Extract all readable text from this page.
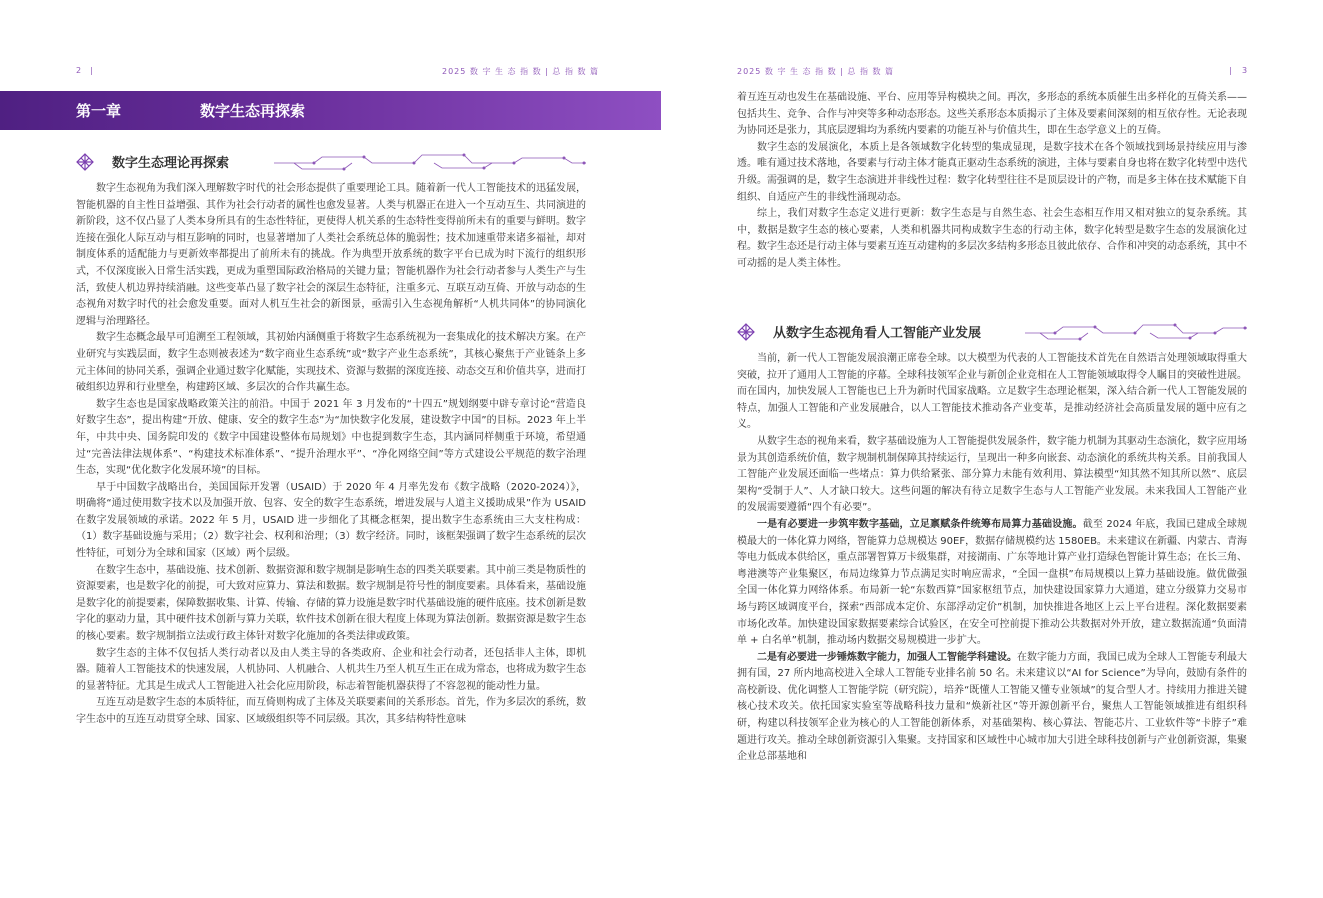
2 |	2025 数 字 生 态 指 数 | 总 指 数 篇
第一章	数字生态再探索
数字生态理论再探索

数字生态视角为我们深入理解数字时代的社会形态提供了重要理论工具。随着新一代人工智能技术的迅猛发展，智能机器的自主性日益增强、其作为社会行动者的属性也愈发显著。人类与机器正在进入一个互动互生、共同演进的新阶段，这不仅凸显了人类本身所具有的生态性特征，更使得人机关系的生态特性变得前所未有的重要与鲜明。数字连接在强化人际互动与相互影响的同时，也显著增加了人类社会系统总体的脆弱性；技术加速重带来诸多福祉，却对制度体系的适配能力与更新效率都提出了前所未有的挑战。作为典型开放系统的数字平台已成为时下流行的组织形式，不仅深度嵌入日常生活实践，更成为重塑国际政治格局的关键力量；智能机器作为社会行动者参与人类生产与生活，致使人机边界持续消融。这些变革凸显了数字社会的深层生态特征，注重多元、互联互动互倚、开放与动态的生态视角对数字时代的社会愈发重要。面对人机互生社会的新图景，亟需引入生态视角解析“人机共同体”的协同演化逻辑与治理路径。

数字生态概念最早可追溯至工程领域，其初始内涵侧重于将数字生态系统视为一套集成化的技术解决方案。在产业研究与实践层面，数字生态则被表述为“数字商业生态系统”或“数字产业生态系统”，其核心聚焦于产业链条上多元主体间的协同关系，强调企业通过数字化赋能，实现技术、资源与数据的深度连接、动态交互和价值共享，进而打破组织边界和行业壁垒，构建跨区域、多层次的合作共赢生态。

数字生态也是国家战略政策关注的前沿。中国于 2021 年 3 月发布的“十四五”规划纲要中辟专章讨论“营造良好数字生态”，提出构建“开放、健康、安全的数字生态”为“加快数字化发展，建设数字中国”的目标。2023 年上半年，中共中央、国务院印发的《数字中国建设整体布局规划》中也提到数字生态，其内涵同样侧重于环境，希望通过“完善法律法规体系”、“构建技术标准体系”、“提升治理水平”、“净化网络空间”等方式建设公平规范的数字治理生态，实现“优化数字化发展环境”的目标。

早于中国数字战略出台，美国国际开发署（USAID）于 2020 年 4 月率先发布《数字战略（2020-2024）》，明确将“通过使用数字技术以及加强开放、包容、安全的数字生态系统，增进发展与人道主义援助成果”作为 USAID 在数字发展领域的承诺。2022 年 5 月，USAID 进一步细化了其概念框架，提出数字生态系统由三大支柱构成：（1）数字基础设施与采用；（2）数字社会、权利和治理；（3）数字经济。同时，该框架强调了数字生态系统的层次性特征，可划分为全球和国家（区域）两个层级。

在数字生态中，基础设施、技术创新、数据资源和数字规制是影响生态的四类关联要素。其中前三类是物质性的资源要素，也是数字化的前提，可大致对应算力、算法和数据。数字规制是符号性的制度要素。具体看来，基础设施是数字化的前提要素，保障数据收集、计算、传输、存储的算力设施是数字时代基础设施的硬件底座。技术创新是数字化的驱动力量，其中硬件技术创新与算力关联，软件技术创新在很大程度上体现为算法创新。数据资源是数字生态的核心要素。数字规制指立法或行政主体针对数字化施加的各类法律或政策。

数字生态的主体不仅包括人类行动者以及由人类主导的各类政府、企业和社会行动者，还包括非人主体，即机器。随着人工智能技术的快速发展，人机协同、人机融合、人机共生乃至人机互生正在成为常态，也将成为数字生态的显著特征。尤其是生成式人工智能进入社会化应用阶段，标志着智能机器获得了不容忽视的能动性力量。

互连互动是数字生态的本质特征，而互倚则构成了主体及关联要素间的关系形态。首先，作为多层次的系统，数字生态中的互连互动贯穿全球、国家、区域级组织等不同层级。其次，其多结构特性意味

2025 数 字 生 态 指 数 | 总 指 数 篇	| 3

着互连互动也发生在基础设施、平台、应用等异构模块之间。再次，多形态的系统本质催生出多样化的互倚关系——包括共生、竞争、合作与冲突等多种动态形态。这些关系形态本质揭示了主体及要素间深刻的相互依存性。无论表现为协同还是张力，其底层逻辑均为系统内要素的功能互补与价值共生，即在生态学意义上的互倚。

数字生态的发展演化，本质上是各领域数字化转型的集成显现，是数字技术在各个领域找到场景持续应用与渗透。唯有通过技术落地，各要素与行动主体才能真正驱动生态系统的演进，主体与要素自身也将在数字化转型中迭代升级。需强调的是，数字生态演进并非线性过程：数字化转型往往不是顶层设计的产物，而是多主体在技术赋能下自组织、自适应产生的非线性涌现动态。

综上，我们对数字生态定义进行更新：数字生态是与自然生态、社会生态相互作用又相对独立的复杂系统。其中，数据是数字生态的核心要素，人类和机器共同构成数字生态的行动主体，数字化转型是数字生态的发展演化过程。数字生态还是行动主体与要素互连互动建构的多层次多结构多形态且彼此依存、合作和冲突的动态系统，其中不可动摇的是人类主体性。

从数字生态视角看人工智能产业发展

当前，新一代人工智能发展浪潮正席卷全球。以大模型为代表的人工智能技术首先在自然语言处理领域取得重大突破，拉开了通用人工智能的序幕。全球科技领军企业与新创企业竞相在人工智能领域取得令人瞩目的突破性进展。而在国内，加快发展人工智能也已上升为新时代国家战略。立足数字生态理论框架，深入结合新一代人工智能发展的特点，加强人工智能和产业发展融合，以人工智能技术推动各产业变革，是推动经济社会高质量发展的题中应有之义。

从数字生态的视角来看，数字基础设施为人工智能提供发展条件，数字能力机制为其驱动生态演化，数字应用场景为其创造系统价值，数字规制机制保障其持续运行，呈现出一种多向嵌套、动态演化的系统共构关系。目前我国人工智能产业发展还面临一些堵点：算力供给紧张、部分算力未能有效利用、算法模型“知其然不知其所以然”、底层架构“受制于人”、人才缺口较大。这些问题的解决有待立足数字生态与人工智能产业发展。未来我国人工智能产业的发展需要遵循“四个有必要”。

一是有必要进一步筑牢数字基础，立足禀赋条件统筹布局算力基础设施。截至 2024 年底，我国已建成全球规模最大的一体化算力网络，智能算力总规模达 90EF，数据存储规模约达 1580EB。未来建议在新疆、内蒙古、青海等电力低成本供给区，重点部署智算万卡级集群，对接湖南、广东等地计算产业打造绿色智能计算生态；在长三角、粤港澳等产业集聚区，布局边缘算力节点满足实时响应需求，“全国一盘棋”布局规模以上算力基础设施。做优做强全国一体化算力网络体系。布局新一轮“东数西算”国家枢纽节点，加快建设国家算力大通道，建立分级算力交易市场与跨区域调度平台，探索“西部成本定价、东部浮动定价”机制，加快推进各地区上云上平台进程。深化数据要素市场化改革。加快建设国家数据要素综合试验区，在安全可控前提下推动公共数据对外开放，建立数据流通“负面清单 + 白名单”机制，推动场内数据交易规模进一步扩大。

二是有必要进一步锤炼数字能力，加强人工智能学科建设。在数字能力方面，我国已成为全球人工智能专利最大拥有国，27 所内地高校进入全球人工智能专业排名前 50 名。未来建议以“AI for Science”为导向，鼓励有条件的高校新设、优化调整人工智能学院（研究院），培养“既懂人工智能又懂专业领域”的复合型人才。持续用力推进关键核心技术攻关。依托国家实验室等战略科技力量和“焕新社区”等开源创新平台，聚焦人工智能领域推进有组织科研，构建以科技领军企业为核心的人工智能创新体系，对基础架构、核心算法、智能芯片、工业软件等“卡脖子”难题进行攻关。推动全球创新资源引入集聚。支持国家和区域性中心城市加大引进全球科技创新与产业创新资源，集聚企业总部基地和
